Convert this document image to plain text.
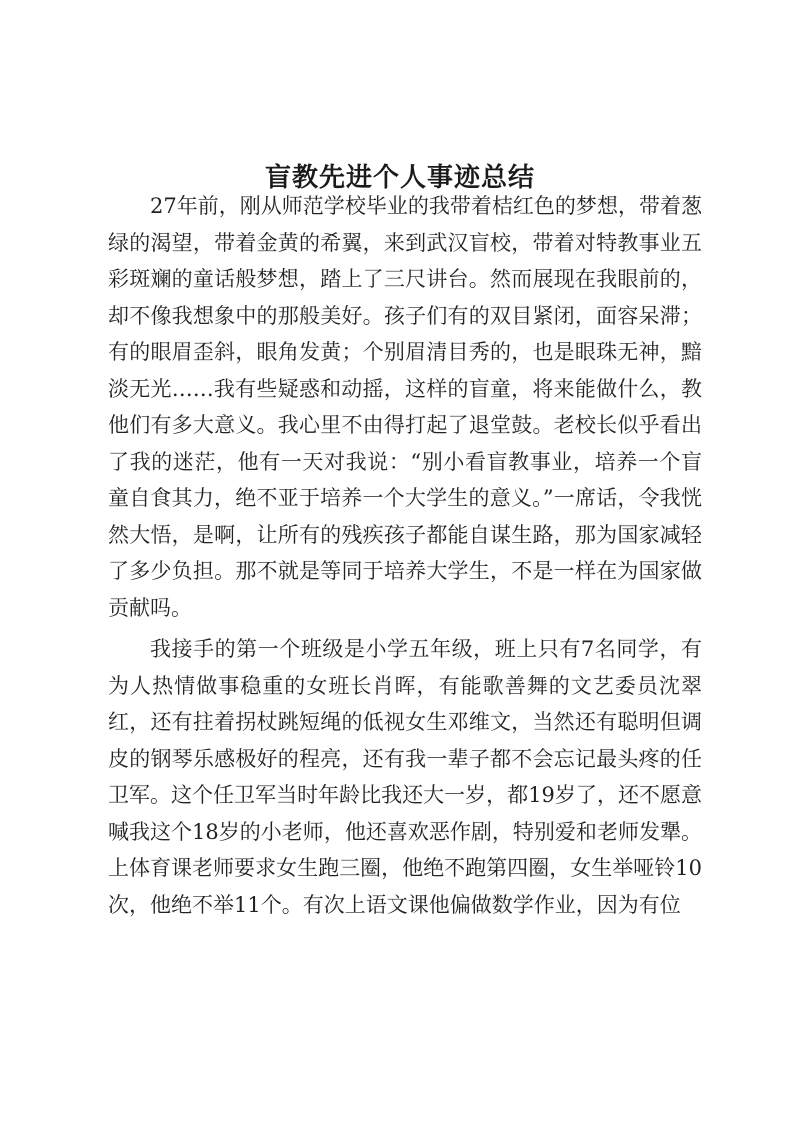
盲教先进个人事迹总结

27年前，刚从师范学校毕业的我带着桔红色的梦想，带着葱绿的渴望，带着金黄的希翼，来到武汉盲校，带着对特教事业五彩斑斓的童话般梦想，踏上了三尺讲台。然而展现在我眼前的，却不像我想象中的那般美好。孩子们有的双目紧闭，面容呆滞；有的眼眉歪斜，眼角发黄；个别眉清目秀的，也是眼珠无神，黯淡无光……我有些疑惑和动摇，这样的盲童，将来能做什么，教他们有多大意义。我心里不由得打起了退堂鼓。老校长似乎看出了我的迷茫，他有一天对我说：“别小看盲教事业，培养一个盲童自食其力，绝不亚于培养一个大学生的意义。”一席话，令我恍然大悟，是啊，让所有的残疾孩子都能自谋生路，那为国家减轻了多少负担。那不就是等同于培养大学生，不是一样在为国家做贡献吗。

我接手的第一个班级是小学五年级，班上只有7名同学，有为人热情做事稳重的女班长肖晖，有能歌善舞的文艺委员沈翠红，还有拄着拐杖跳短绳的低视女生邓维文，当然还有聪明但调皮的钢琴乐感极好的程亮，还有我一辈子都不会忘记最头疼的任卫军。这个任卫军当时年龄比我还大一岁，都19岁了，还不愿意喊我这个18岁的小老师，他还喜欢恶作剧，特别爱和老师发犟。上体育课老师要求女生跑三圈，他绝不跑第四圈，女生举哑铃10次，他绝不举11个。有次上语文课他偏做数学作业，因为有位
